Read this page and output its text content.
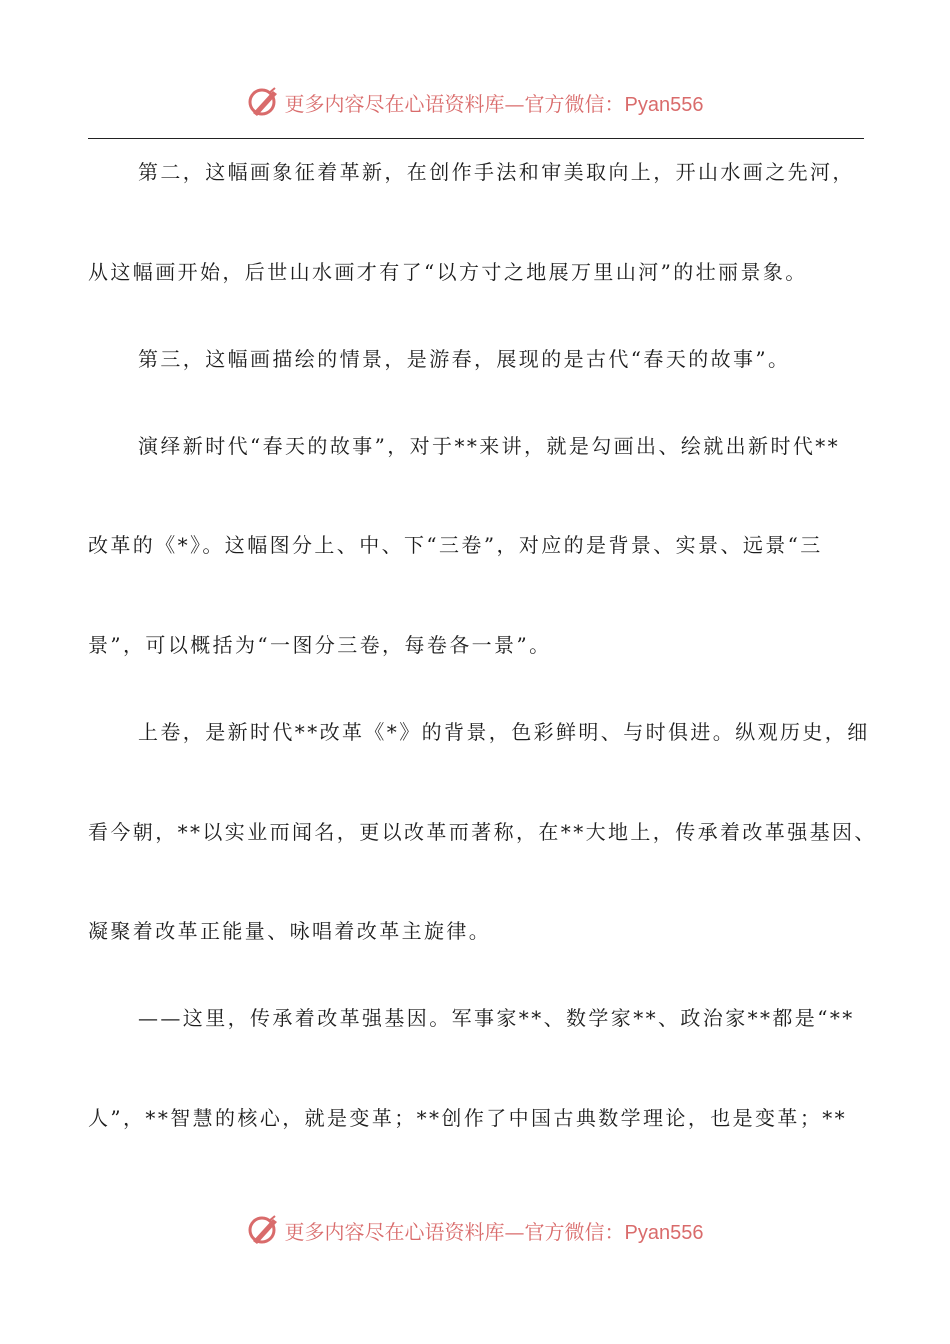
更多内容尽在心语资料库—官方微信：Pyan556
第二，这幅画象征着革新，在创作手法和审美取向上，开山水画之先河，
从这幅画开始，后世山水画才有了“以方寸之地展万里山河”的壮丽景象。
第三，这幅画描绘的情景，是游春，展现的是古代“春天的故事”。
演绎新时代“春天的故事”，对于**来讲，就是勾画出、绘就出新时代**
改革的《*》。这幅图分上、中、下“三卷”，对应的是背景、实景、远景“三
景”，可以概括为“一图分三卷，每卷各一景”。
上卷，是新时代**改革《*》的背景，色彩鲜明、与时俱进。纵观历史，细
看今朝，**以实业而闻名，更以改革而著称，在**大地上，传承着改革强基因、
凝聚着改革正能量、咏唱着改革主旋律。
——这里，传承着改革强基因。军事家**、数学家**、政治家**都是“**
人”，**智慧的核心，就是变革；**创作了中国古典数学理论，也是变革；**
更多内容尽在心语资料库—官方微信：Pyan556
